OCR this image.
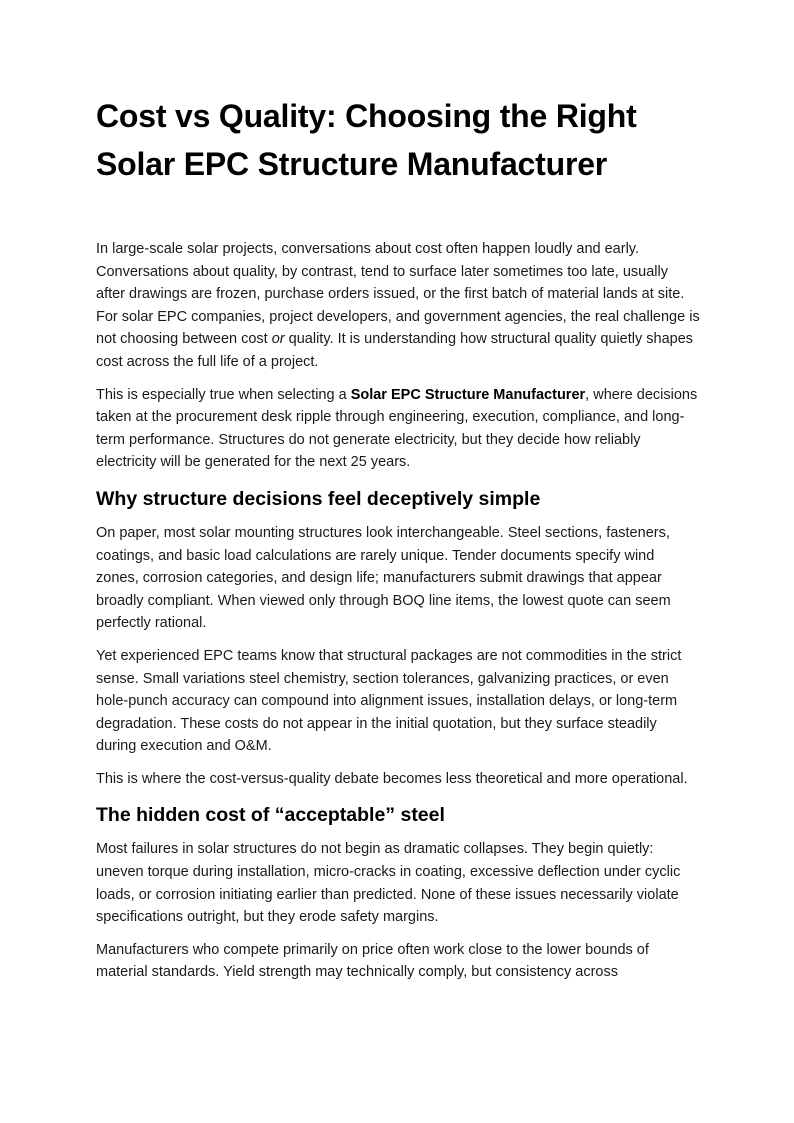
Cost vs Quality: Choosing the Right Solar EPC Structure Manufacturer

In large-scale solar projects, conversations about cost often happen loudly and early. Conversations about quality, by contrast, tend to surface later sometimes too late, usually after drawings are frozen, purchase orders issued, or the first batch of material lands at site. For solar EPC companies, project developers, and government agencies, the real challenge is not choosing between cost or quality. It is understanding how structural quality quietly shapes cost across the full life of a project.

This is especially true when selecting a Solar EPC Structure Manufacturer, where decisions taken at the procurement desk ripple through engineering, execution, compliance, and long-term performance. Structures do not generate electricity, but they decide how reliably electricity will be generated for the next 25 years.

Why structure decisions feel deceptively simple

On paper, most solar mounting structures look interchangeable. Steel sections, fasteners, coatings, and basic load calculations are rarely unique. Tender documents specify wind zones, corrosion categories, and design life; manufacturers submit drawings that appear broadly compliant. When viewed only through BOQ line items, the lowest quote can seem perfectly rational.

Yet experienced EPC teams know that structural packages are not commodities in the strict sense. Small variations steel chemistry, section tolerances, galvanizing practices, or even hole-punch accuracy can compound into alignment issues, installation delays, or long-term degradation. These costs do not appear in the initial quotation, but they surface steadily during execution and O&M.

This is where the cost-versus-quality debate becomes less theoretical and more operational.

The hidden cost of “acceptable” steel

Most failures in solar structures do not begin as dramatic collapses. They begin quietly: uneven torque during installation, micro-cracks in coating, excessive deflection under cyclic loads, or corrosion initiating earlier than predicted. None of these issues necessarily violate specifications outright, but they erode safety margins.

Manufacturers who compete primarily on price often work close to the lower bounds of material standards. Yield strength may technically comply, but consistency across
